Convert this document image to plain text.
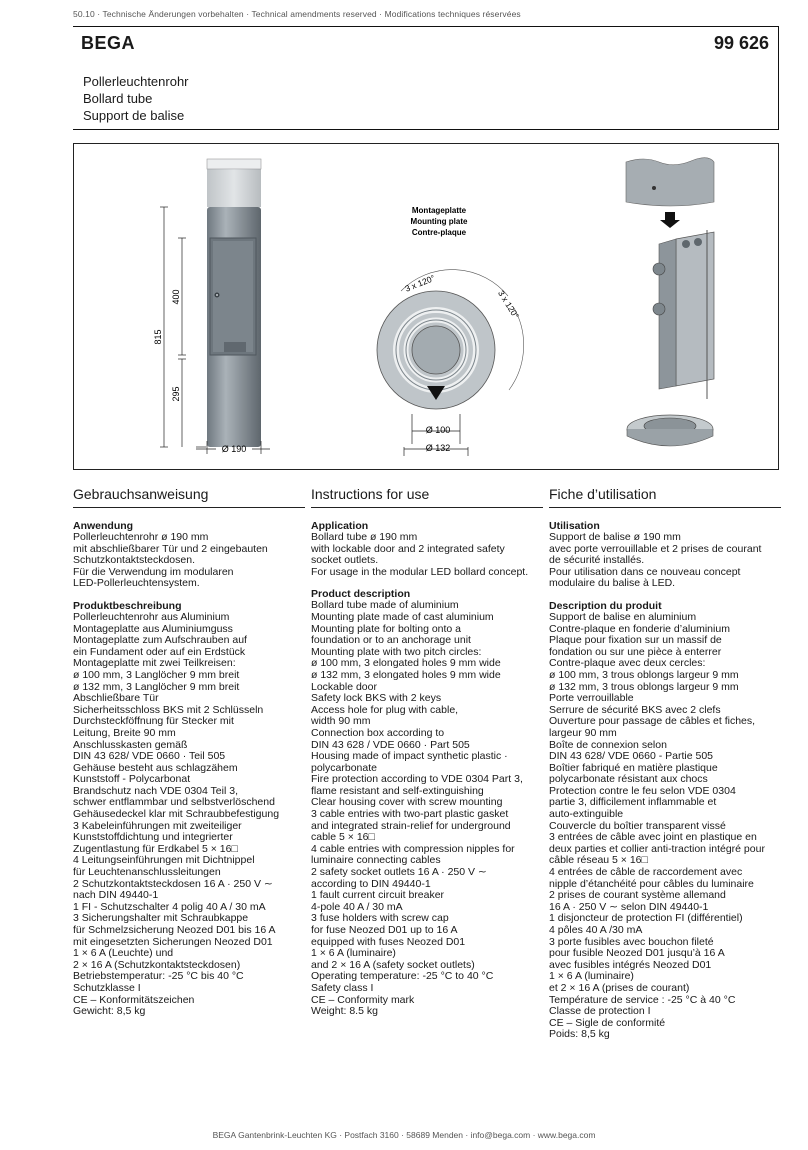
50.10 · Technische Änderungen vorbehalten · Technical amendments reserved · Modifications techniques réservées
BEGA	99 626
Pollerleuchtenrohr
Bollard tube
Support de balise
815
400
295
Ø 190
Montageplatte
Mounting plate
Contre-plaque
3 x 120°
3 x 120°
Ø 100
Ø 132
Gebrauchsanweisung
Anwendung
Pollerleuchtenrohr ø 190 mm
mit abschließbarer Tür und 2 eingebauten
Schutzkontaktsteckdosen.
Für die Verwendung im modularen
LED-Pollerleuchtensystem.
Produktbeschreibung
Pollerleuchtenrohr aus Aluminium
Montageplatte aus Aluminiumguss
Montageplatte zum Aufschrauben auf
ein Fundament oder auf ein Erdstück
Montageplatte mit zwei Teilkreisen:
ø 100 mm, 3 Langlöcher 9 mm breit
ø 132 mm, 3 Langlöcher 9 mm breit
Abschließbare Tür
Sicherheitsschloss BKS mit 2 Schlüsseln
Durchsteckföffnung für Stecker mit
Leitung, Breite 90 mm
Anschlusskasten gemäß
DIN 43 628/ VDE 0660 · Teil 505
Gehäuse besteht aus schlagzähem
Kunststoff - Polycarbonat
Brandschutz nach VDE 0304 Teil 3,
schwer entflammbar und selbstverlöschend
Gehäusedeckel klar mit Schraubbefestigung
3 Kabeleinführungen mit zweiteiliger
Kunststoffdichtung und integrierter
Zugentlastung für Erdkabel 5 × 16□
4 Leitungseinführungen mit Dichtnippel
für Leuchtenanschlussleitungen
2 Schutzkontaktsteckdosen 16 A · 250 V ∼
nach DIN 49440-1
1 FI - Schutzschalter 4 polig 40 A / 30 mA
3 Sicherungshalter mit Schraubkappe
für Schmelzsicherung Neozed D01 bis 16 A
mit eingesetzten Sicherungen Neozed D01
1 × 6 A (Leuchte) und
2 × 16 A (Schutzkontaktsteckdosen)
Betriebstemperatur: -25 °C bis 40 °C
Schutzklasse I
CE – Konformitätszeichen
Gewicht: 8,5 kg
Instructions for use
Application
Bollard tube ø 190 mm
with lockable door and 2 integrated safety
socket outlets.
For usage in the modular LED bollard concept.
Product description
Bollard tube made of aluminium
Mounting plate made of cast aluminium
Mounting plate for bolting onto a
foundation or to an anchorage unit
Mounting plate with two pitch circles:
ø 100 mm, 3 elongated holes 9 mm wide
ø 132 mm, 3 elongated holes 9 mm wide
Lockable door
Safety lock BKS with 2 keys
Access hole for plug with cable,
width 90 mm
Connection box according to
DIN 43 628 / VDE 0660 · Part 505
Housing made of impact synthetic plastic ·
polycarbonate
Fire protection according to VDE 0304 Part 3,
flame resistant and self-extinguishing
Clear housing cover with screw mounting
3 cable entries with two-part plastic gasket
and integrated strain-relief for underground
cable 5 × 16□
4 cable entries with compression nipples for
luminaire connecting cables
2 safety socket outlets 16 A · 250 V ∼
according to DIN 49440-1
1 fault current circuit breaker
4-pole 40 A / 30 mA
3 fuse holders with screw cap
for fuse Neozed D01 up to 16 A
equipped with fuses Neozed D01
1 × 6 A (luminaire)
and 2 × 16 A (safety socket outlets)
Operating temperature: -25 °C to 40 °C
Safety class I
CE – Conformity mark
Weight: 8.5 kg
Fiche d’utilisation
Utilisation
Support de balise ø 190 mm
avec porte verrouillable et 2 prises de courant
de sécurité installés.
Pour utilisation dans ce nouveau concept
modulaire du balise à LED.
Description du produit
Support de balise en aluminium
Contre-plaque en fonderie d’aluminium
Plaque pour fixation sur un massif de
fondation ou sur une pièce à enterrer
Contre-plaque avec deux cercles:
ø 100 mm, 3 trous oblongs largeur 9 mm
ø 132 mm, 3 trous oblongs largeur 9 mm
Porte verrouillable
Serrure de sécurité BKS avec 2 clefs
Ouverture pour passage de câbles et fiches,
largeur 90 mm
Boîte de connexion selon
DIN 43 628/ VDE 0660 - Partie 505
Boîtier fabriqué en matière plastique
polycarbonate résistant aux chocs
Protection contre le feu selon VDE 0304
partie 3, difficilement inflammable et
auto-extinguible
Couvercle du boîtier transparent vissé
3 entrées de câble avec joint en plastique en
deux parties et collier anti-traction intégré pour
câble réseau 5 × 16□
4 entrées de câble de raccordement avec
nipple d’étanchéité pour câbles du luminaire
2 prises de courant système allemand
16 A · 250 V ∼ selon DIN 49440-1
1 disjoncteur de protection FI (différentiel)
4 pôles 40 A /30 mA
3 porte fusibles avec bouchon fileté
pour fusible Neozed D01 jusqu’à 16 A
avec fusibles intégrés Neozed D01
1 × 6 A (luminaire)
et 2 × 16 A (prises de courant)
Température de service : -25 °C à 40 °C
Classe de protection I
CE – Sigle de conformité
Poids: 8,5 kg
BEGA Gantenbrink-Leuchten KG · Postfach 3160 · 58689 Menden · info@bega.com · www.bega.com
